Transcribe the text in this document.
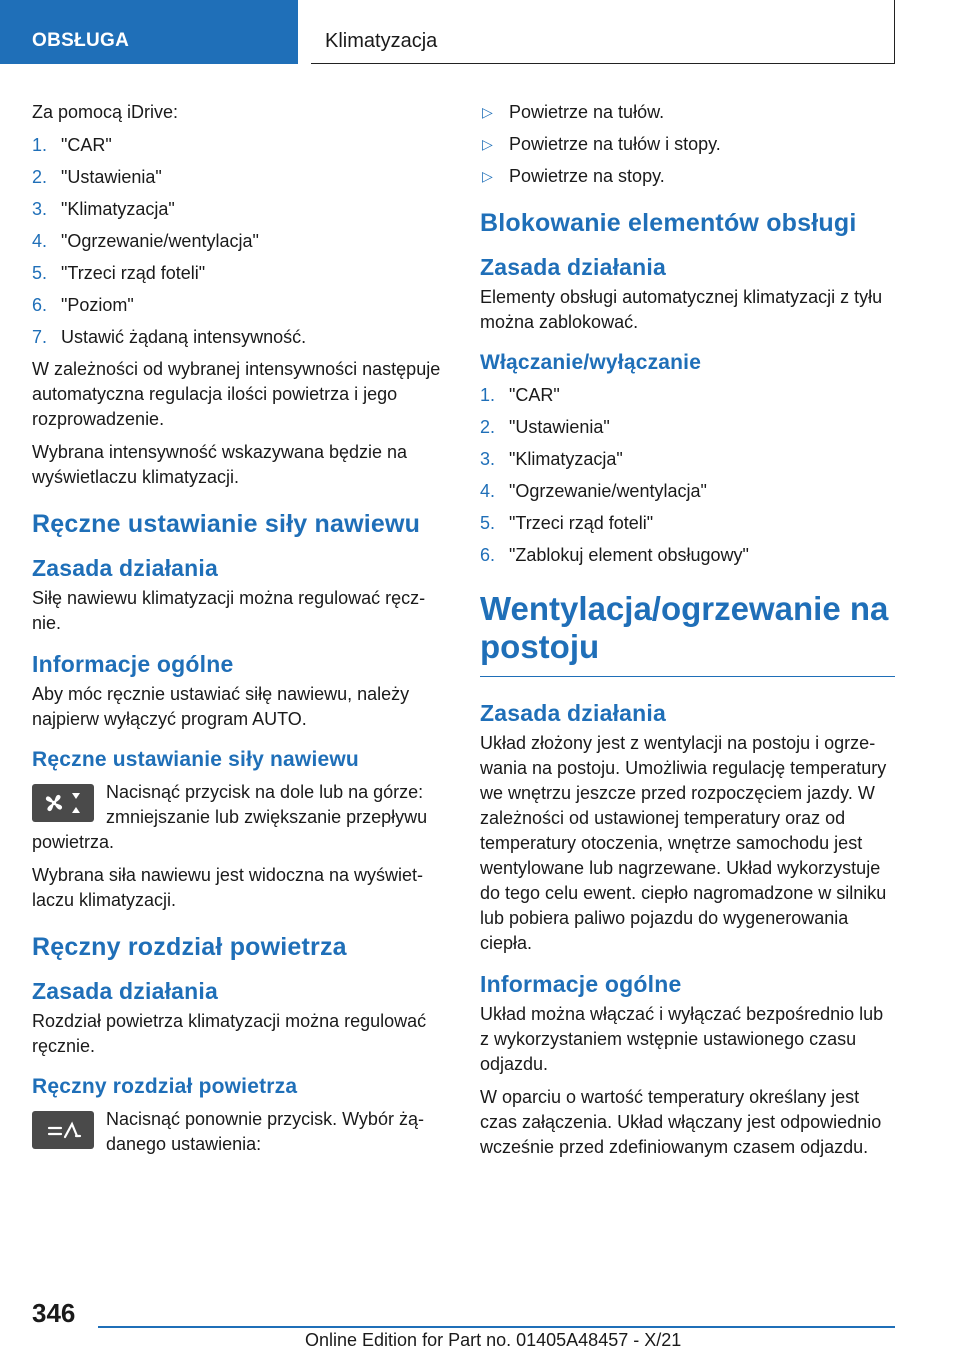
OBSŁUGA	Klimatyzacja

Za pomocą iDrive:

1. "CAR"
2. "Ustawienia"
3. "Klimatyzacja"
4. "Ogrzewanie/wentylacja"
5. "Trzeci rząd foteli"
6. "Poziom"
7. Ustawić żądaną intensywność.

W zależności od wybranej intensywności następuje automatyczna regulacja ilości powietrza i jego rozprowadzenie.

Wybrana intensywność wskazywana będzie na wyświetlaczu klimatyzacji.

Ręczne ustawianie siły nawiewu
Zasada działania

Siłę nawiewu klimatyzacji można regulować ręcznie.

Informacje ogólne

Aby móc ręcznie ustawiać siłę nawiewu, należy najpierw wyłączyć program AUTO.

Ręczne ustawianie siły nawiewu

Nacisnąć przycisk na dole lub na górze: zmniejszanie lub zwiększanie przepływu powietrza.

Wybrana siła nawiewu jest widoczna na wyświetlaczu klimatyzacji.

Ręczny rozdział powietrza
Zasada działania

Rozdział powietrza klimatyzacji można regulować ręcznie.

Ręczny rozdział powietrza

Nacisnąć ponownie przycisk. Wybór żądanego ustawienia:

▷ Powietrze na tułów.
▷ Powietrze na tułów i stopy.
▷ Powietrze na stopy.
Blokowanie elementów obsługi
Zasada działania

Elementy obsługi automatycznej klimatyzacji z tyłu można zablokować.

Włączanie/wyłączanie
1. "CAR"
2. "Ustawienia"
3. "Klimatyzacja"
4. "Ogrzewanie/wentylacja"
5. "Trzeci rząd foteli"
6. "Zablokuj element obsługowy"
Wentylacja/ogrzewanie na postoju
Zasada działania

Układ złożony jest z wentylacji na postoju i ogrzewania na postoju. Umożliwia regulację temperatury we wnętrzu jeszcze przed rozpoczęciem jazdy. W zależności od ustawionej temperatury oraz od temperatury otoczenia, wnętrze samochodu jest wentylowane lub nagrzewane. Układ wykorzystuje do tego celu ewent. ciepło nagromadzone w silniku lub pobiera paliwo pojazdu do wygenerowania ciepła.

Informacje ogólne

Układ można włączać i wyłączać bezpośrednio lub z wykorzystaniem wstępnie ustawionego czasu odjazdu.

W oparciu o wartość temperatury określany jest czas załączenia. Układ włączany jest odpowiednio wcześnie przed zdefiniowanym czasem odjazdu.

346
Online Edition for Part no. 01405A48457 - X/21
